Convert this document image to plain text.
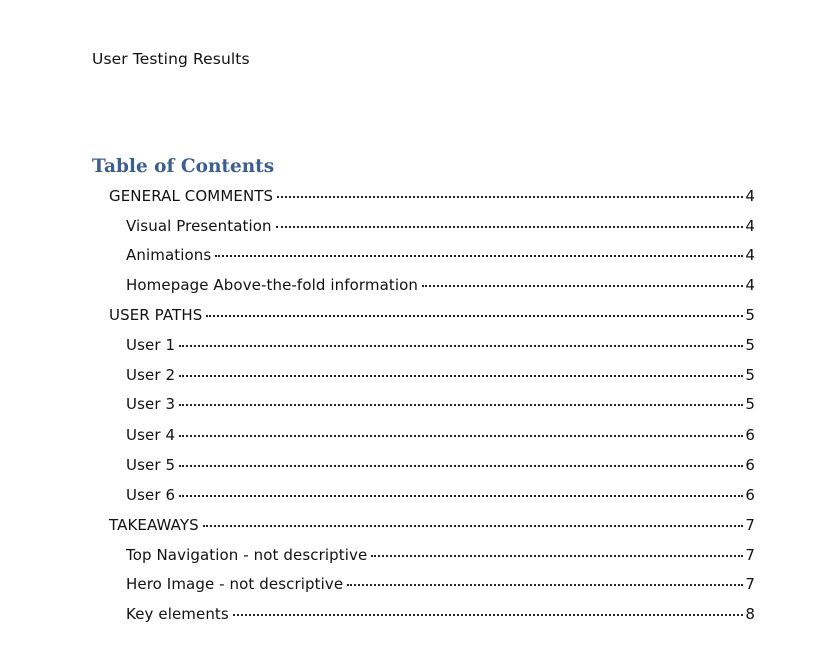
User Testing Results
Table of Contents
GENERAL COMMENTS	4
Visual Presentation	4
Animations	4
Homepage Above-the-fold information	4
USER PATHS	5
User 1	5
User 2	5
User 3	5
User 4	6
User 5	6
User 6	6
TAKEAWAYS	7
Top Navigation - not descriptive	7
Hero Image - not descriptive	7
Key elements	8
